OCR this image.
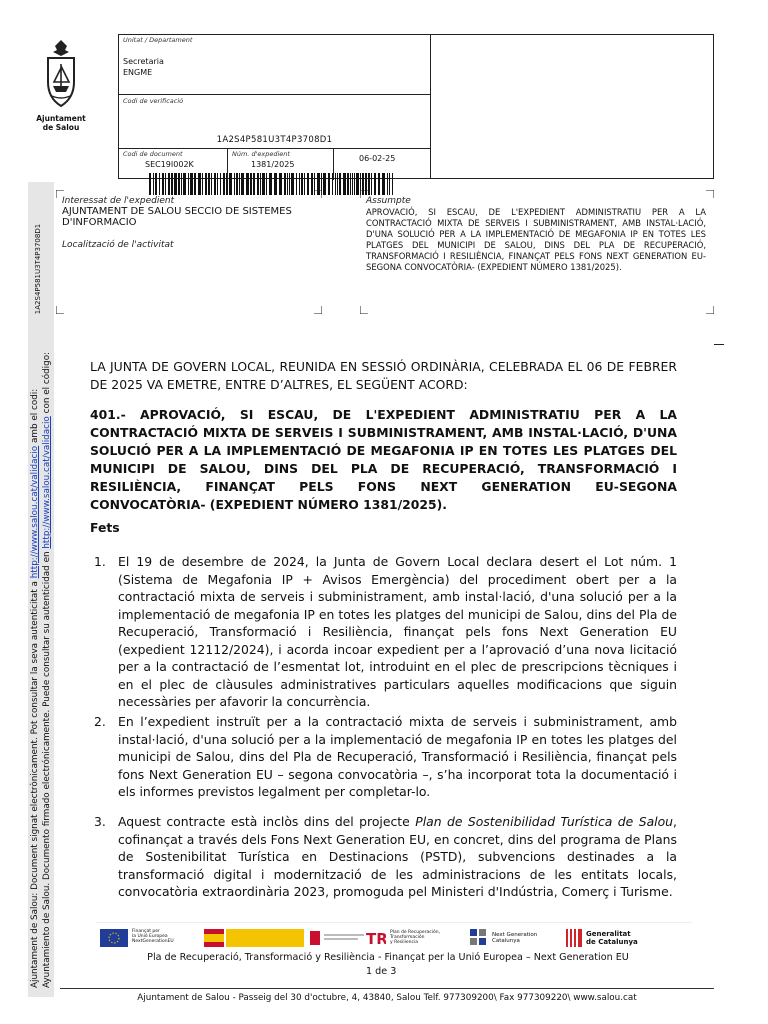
Ajuntament
de Salou
Unitat / Departament
Secretaria
ENGME
Codi de verificació
1A2S4P581U3T4P3708D1
Codi de document
SEC19I002K
Núm. d'expedient
1381/2025
06-02-25
1A2S4P581U3T4P3708D1
Ajuntament de Salou: Document signat electrònicament. Pot consultar la seva autenticitat a http://www.salou.cat/validacio amb el codi:
Ayuntamiento de Salou. Documento firmado electrónicamente. Puede consultar su autenticidad en http://www.salou.cat/validacio con el código:
Interessat de l'expedient
AJUNTAMENT DE SALOU SECCIO DE SISTEMES
D'INFORMACIO
Localització de l'activitat
Assumpte
APROVACIÓ, SI ESCAU, DE L'EXPEDIENT ADMINISTRATIU PER A LA CONTRACTACIÓ MIXTA DE SERVEIS I SUBMINISTRAMENT, AMB INSTAL·LACIÓ, D'UNA SOLUCIÓ PER A LA IMPLEMENTACIÓ DE MEGAFONIA IP EN TOTES LES PLATGES DEL MUNICIPI DE SALOU, DINS DEL PLA DE RECUPERACIÓ, TRANSFORMACIÓ I RESILIÈNCIA, FINANÇAT PELS FONS NEXT GENERATION EU-SEGONA CONVOCATÒRIA- (EXPEDIENT NÚMERO 1381/2025).
LA JUNTA DE GOVERN LOCAL, REUNIDA EN SESSIÓ ORDINÀRIA, CELEBRADA EL 06 DE FEBRER DE 2025 VA EMETRE, ENTRE D’ALTRES, EL SEGÜENT ACORD:
401.- APROVACIÓ, SI ESCAU, DE L'EXPEDIENT ADMINISTRATIU PER A LA CONTRACTACIÓ MIXTA DE SERVEIS I SUBMINISTRAMENT, AMB INSTAL·LACIÓ, D'UNA SOLUCIÓ PER A LA IMPLEMENTACIÓ DE MEGAFONIA IP EN TOTES LES PLATGES DEL MUNICIPI DE SALOU, DINS DEL PLA DE RECUPERACIÓ, TRANSFORMACIÓ I RESILIÈNCIA, FINANÇAT PELS FONS NEXT GENERATION EU-SEGONA CONVOCATÒRIA- (EXPEDIENT NÚMERO 1381/2025).
Fets
1. El 19 de desembre de 2024, la Junta de Govern Local declara desert el Lot núm. 1 (Sistema de Megafonia IP + Avisos Emergència) del procediment obert per a la contractació mixta de serveis i subministrament, amb instal·lació, d'una solució per a la implementació de megafonia IP en totes les platges del municipi de Salou, dins del Pla de Recuperació, Transformació i Resiliència, finançat pels fons Next Generation EU (expedient 12112/2024), i acorda incoar expedient per a l’aprovació d’una nova licitació per a la contractació de l’esmentat lot, introduint en el plec de prescripcions tècniques i en el plec de clàusules administratives particulars aquelles modificacions que siguin necessàries per afavorir la concurrència.
2. En l’expedient instruït per a la contractació mixta de serveis i subministrament, amb instal·lació, d'una solució per a la implementació de megafonia IP en totes les platges del municipi de Salou, dins del Pla de Recuperació, Transformació i Resiliència, finançat pels fons Next Generation EU – segona convocatòria –, s’ha incorporat tota la documentació i els informes previstos legalment per completar-lo.
3. Aquest contracte està inclòs dins del projecte Plan de Sostenibilidad Turística de Salou, cofinançat a través dels Fons Next Generation EU, en concret, dins del programa de Plans de Sostenibilitat Turística en Destinacions (PSTD), subvencions destinades a la transformació digital i modernització de les administracions de les entitats locals, convocatòria extraordinària 2023, promoguda pel Ministeri d'Indústria, Comerç i Turisme.
Finançat per
la Unió Europea
NextGenerationEU	TR Plan de Recuperación,
Transformación
y Resiliencia
Next Generation
Catalunya
Generalitat
de Catalunya
Pla de Recuperació, Transformació y Resiliència - Finançat per la Unió Europea – Next Generation EU
1 de 3
Ajuntament de Salou - Passeig del 30 d'octubre, 4, 43840, Salou Telf. 977309200\ Fax 977309220\ www.salou.cat
